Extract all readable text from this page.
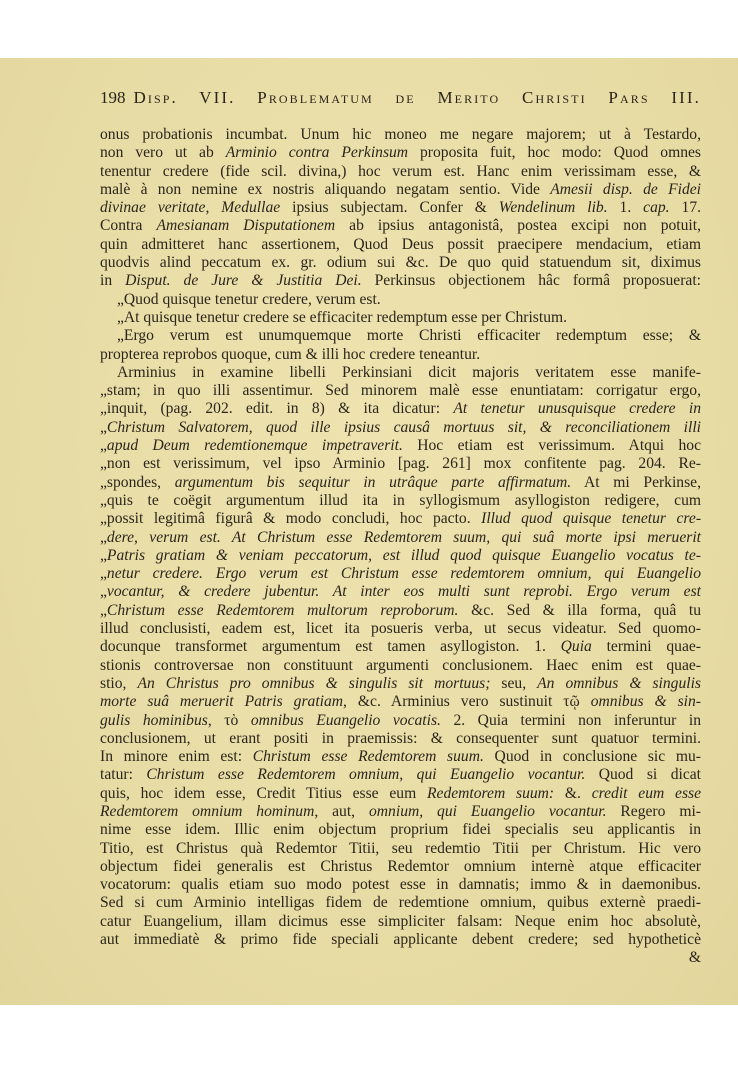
198 Disp. VII. Problematum de Merito Christi Pars III.
onus probationis incumbat. Unum hic moneo me negare majorem; ut à Testardo,
non vero ut ab Arminio contra Perkinsum proposita fuit, hoc modo: Quod omnes
tenentur credere (fide scil. divina,) hoc verum est. Hanc enim verissimam esse, &
malè à non nemine ex nostris aliquando negatam sentio. Vide Amesii disp. de Fidei
divinae veritate, Medullae ipsius subjectam. Confer & Wendelinum lib. 1. cap. 17.
Contra Amesianam Disputationem ab ipsius antagonistâ, postea excipi non potuit,
quin admitteret hanc assertionem, Quod Deus possit praecipere mendacium, etiam
quodvis alind peccatum ex. gr. odium sui &c. De quo quid statuendum sit, diximus
in Disput. de Jure & Justitia Dei. Perkinsus objectionem hâc formâ proposuerat:
„Quod quisque tenetur credere, verum est.
„At quisque tenetur credere se efficaciter redemptum esse per Christum.
„Ergo verum est unumquemque morte Christi efficaciter redemptum esse; &
propterea reprobos quoque, cum & illi hoc credere teneantur.
Arminius in examine libelli Perkinsiani dicit majoris veritatem esse manife-
„stam; in quo illi assentimur. Sed minorem malè esse enuntiatam: corrigatur ergo,
„inquit, (pag. 202. edit. in 8) & ita dicatur: At tenetur unusquisque credere in
„Christum Salvatorem, quod ille ipsius causâ mortuus sit, & reconciliationem illi
„apud Deum redemtionemque impetraverit. Hoc etiam est verissimum. Atqui hoc
„non est verissimum, vel ipso Arminio [pag. 261] mox confitente pag. 204. Re-
„spondes, argumentum bis sequitur in utrâque parte affirmatum. At mi Perkinse,
„quis te coëgit argumentum illud ita in syllogismum asyllogiston redigere, cum
„possit legitimâ figurâ & modo concludi, hoc pacto. Illud quod quisque tenetur cre-
„dere, verum est. At Christum esse Redemtorem suum, qui suâ morte ipsi meruerit
„Patris gratiam & veniam peccatorum, est illud quod quisque Euangelio vocatus te-
„netur credere. Ergo verum est Christum esse redemtorem omnium, qui Euangelio
„vocantur, & credere jubentur. At inter eos multi sunt reprobi. Ergo verum est
„Christum esse Redemtorem multorum reproborum. &c. Sed & illa forma, quâ tu
illud conclusisti, eadem est, licet ita posueris verba, ut secus videatur. Sed quomo-
docunque transformet argumentum est tamen asyllogiston. 1. Quia termini quae-
stionis controversae non constituunt argumenti conclusionem. Haec enim est quae-
stio, An Christus pro omnibus & singulis sit mortuus; seu, An omnibus & singulis
morte suâ meruerit Patris gratiam, &c. Arminius vero sustinuit τῷ omnibus & sin-
gulis hominibus, τὸ omnibus Euangelio vocatis. 2. Quia termini non inferuntur in
conclusionem, ut erant positi in praemissis: & consequenter sunt quatuor termini.
In minore enim est: Christum esse Redemtorem suum. Quod in conclusione sic mu-
tatur: Christum esse Redemtorem omnium, qui Euangelio vocantur. Quod si dicat
quis, hoc idem esse, Credit Titius esse eum Redemtorem suum: &. credit eum esse
Redemtorem omnium hominum, aut, omnium, qui Euangelio vocantur. Regero mi-
nime esse idem. Illic enim objectum proprium fidei specialis seu applicantis in
Titio, est Christus quà Redemtor Titii, seu redemtio Titii per Christum. Hic vero
objectum fidei generalis est Christus Redemtor omnium internè atque efficaciter
vocatorum: qualis etiam suo modo potest esse in damnatis; immo & in daemonibus.
Sed si cum Arminio intelligas fidem de redemtione omnium, quibus externè praedi-
catur Euangelium, illam dicimus esse simpliciter falsam: Neque enim hoc absolutè,
aut immediatè & primo fide speciali applicante debent credere; sed hypotheticè
&
